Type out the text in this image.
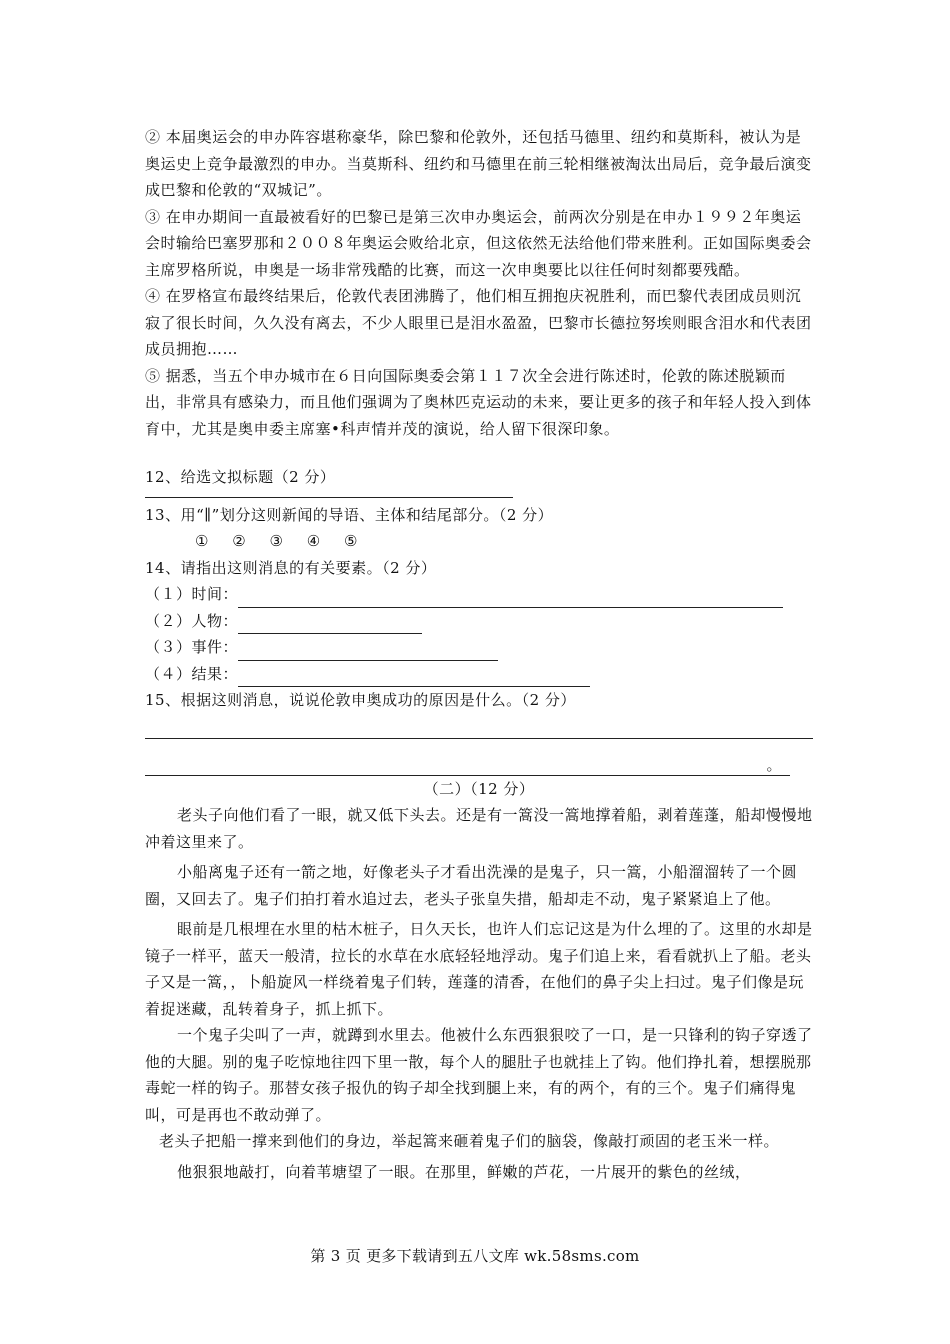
② 本届奥运会的申办阵容堪称豪华，除巴黎和伦敦外，还包括马德里、纽约和莫斯科，被认为是奥运史上竞争最激烈的申办。当莫斯科、纽约和马德里在前三轮相继被淘汰出局后，竞争最后演变成巴黎和伦敦的“双城记”。

③ 在申办期间一直最被看好的巴黎已是第三次申办奥运会，前两次分别是在申办１９９２年奥运会时输给巴塞罗那和２００８年奥运会败给北京，但这依然无法给他们带来胜利。正如国际奥委会主席罗格所说，申奥是一场非常残酷的比赛，而这一次申奥要比以往任何时刻都要残酷。

④ 在罗格宣布最终结果后，伦敦代表团沸腾了，他们相互拥抱庆祝胜利，而巴黎代表团成员则沉寂了很长时间，久久没有离去，不少人眼里已是泪水盈盈，巴黎市长德拉努埃则眼含泪水和代表团成员拥抱……

⑤ 据悉，当五个申办城市在６日向国际奥委会第１１７次全会进行陈述时，伦敦的陈述脱颖而出，非常具有感染力，而且他们强调为了奥林匹克运动的未来，要让更多的孩子和年轻人投入到体育中，尤其是奥申委主席塞•科声情并茂的演说，给人留下很深印象。

12、给选文拟标题（2 分）

13、用“∥”划分这则新闻的导语、主体和结尾部分。（2 分）

① ② ③ ④ ⑤

14、请指出这则消息的有关要素。（2 分）

（１）时间：

（２）人物：

（３）事件：

（４）结果：

15、根据这则消息，说说伦敦申奥成功的原因是什么。（2 分）

。

（二）（12 分）

老头子向他们看了一眼，就又低下头去。还是有一篙没一篙地撑着船，剥着莲蓬，船却慢慢地冲着这里来了。

小船离鬼子还有一箭之地，好像老头子才看出洗澡的是鬼子，只一篙，小船溜溜转了一个圆圈，又回去了。鬼子们拍打着水追过去，老头子张皇失措，船却走不动，鬼子紧紧追上了他。

眼前是几根埋在水里的枯木桩子，日久天长，也许人们忘记这是为什么埋的了。这里的水却是镜子一样平，蓝天一般清，拉长的水草在水底轻轻地浮动。鬼子们追上来，看看就扒上了船。老头子又是一篙，，卜船旋风一样绕着鬼子们转，莲蓬的清香，在他们的鼻子尖上扫过。鬼子们像是玩着捉迷藏，乱转着身子，抓上抓下。

一个鬼子尖叫了一声，就蹲到水里去。他被什么东西狠狠咬了一口，是一只锋利的钩子穿透了他的大腿。别的鬼子吃惊地往四下里一散，每个人的腿肚子也就挂上了钩。他们挣扎着，想摆脱那毒蛇一样的钩子。那替女孩子报仇的钩子却全找到腿上来，有的两个，有的三个。鬼子们痛得鬼叫，可是再也不敢动弹了。

老头子把船一撑来到他们的身边，举起篙来砸着鬼子们的脑袋，像敲打顽固的老玉米一样。

他狠狠地敲打，向着苇塘望了一眼。在那里，鲜嫩的芦花，一片展开的紫色的丝绒，

第 3 页 更多下载请到五八文库 wk.58sms.com
